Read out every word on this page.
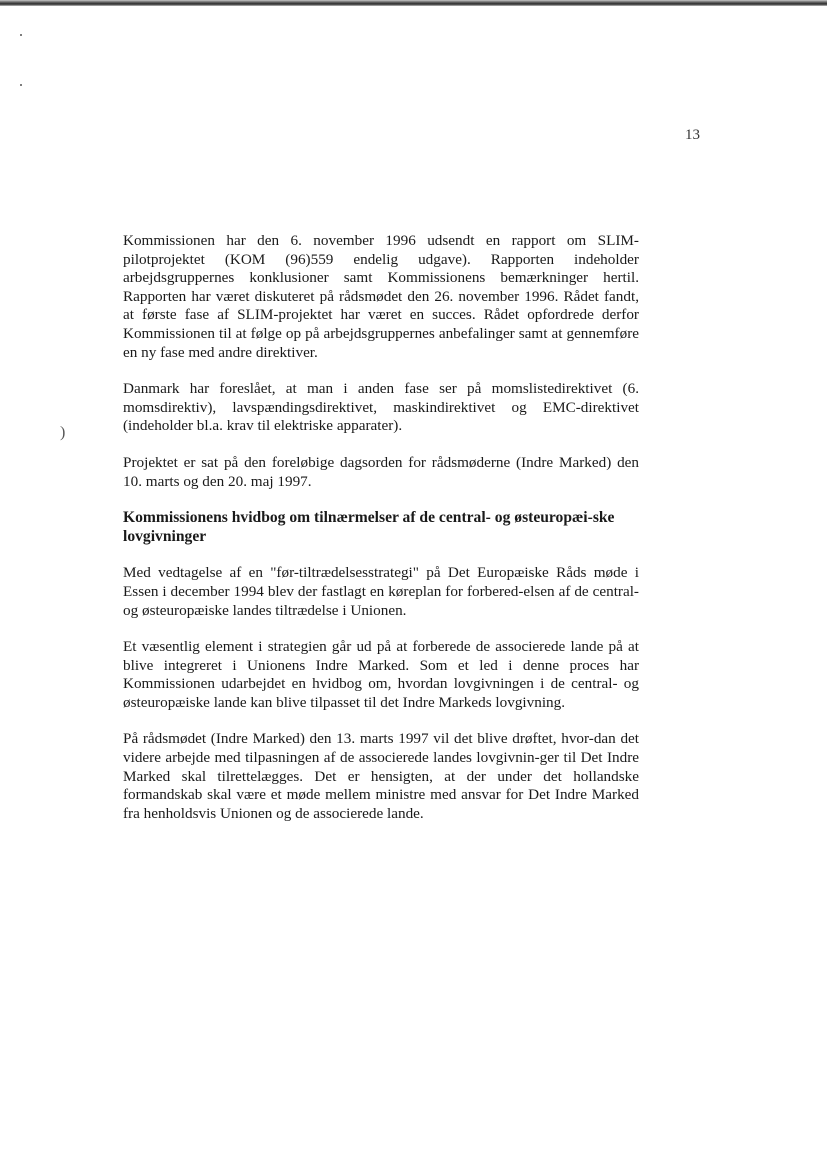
)
13

Kommissionen har den 6. november 1996 udsendt en rapport om SLIM-pilotprojektet (KOM (96)559 endelig udgave). Rapporten indeholder arbejdsgruppernes konklusioner samt Kommissionens bemærkninger hertil. Rapporten har været diskuteret på rådsmødet den 26. november 1996. Rådet fandt, at første fase af SLIM-projektet har været en succes. Rådet opfordrede derfor Kommissionen til at følge op på arbejdsgruppernes anbefalinger samt at gennemføre en ny fase med andre direktiver.

Danmark har foreslået, at man i anden fase ser på momslistedirektivet (6. momsdirektiv), lavspændingsdirektivet, maskindirektivet og EMC-direktivet (indeholder bl.a. krav til elektriske apparater).

Projektet er sat på den foreløbige dagsorden for rådsmøderne (Indre Marked) den 10. marts og den 20. maj 1997.

Kommissionens hvidbog om tilnærmelser af de central- og østeuropæi-ske lovgivninger

Med vedtagelse af en "før-tiltrædelsesstrategi" på Det Europæiske Råds møde i Essen i december 1994 blev der fastlagt en køreplan for forbered-elsen af de central- og østeuropæiske landes tiltrædelse i Unionen.

Et væsentlig element i strategien går ud på at forberede de associerede lande på at blive integreret i Unionens Indre Marked. Som et led i denne proces har Kommissionen udarbejdet en hvidbog om, hvordan lovgivningen i de central- og østeuropæiske lande kan blive tilpasset til det Indre Markeds lovgivning.

På rådsmødet (Indre Marked) den 13. marts 1997 vil det blive drøftet, hvor-dan det videre arbejde med tilpasningen af de associerede landes lovgivnin-ger til Det Indre Marked skal tilrettelægges. Det er hensigten, at der under det hollandske formandskab skal være et møde mellem ministre med ansvar for Det Indre Marked fra henholdsvis Unionen og de associerede lande.
